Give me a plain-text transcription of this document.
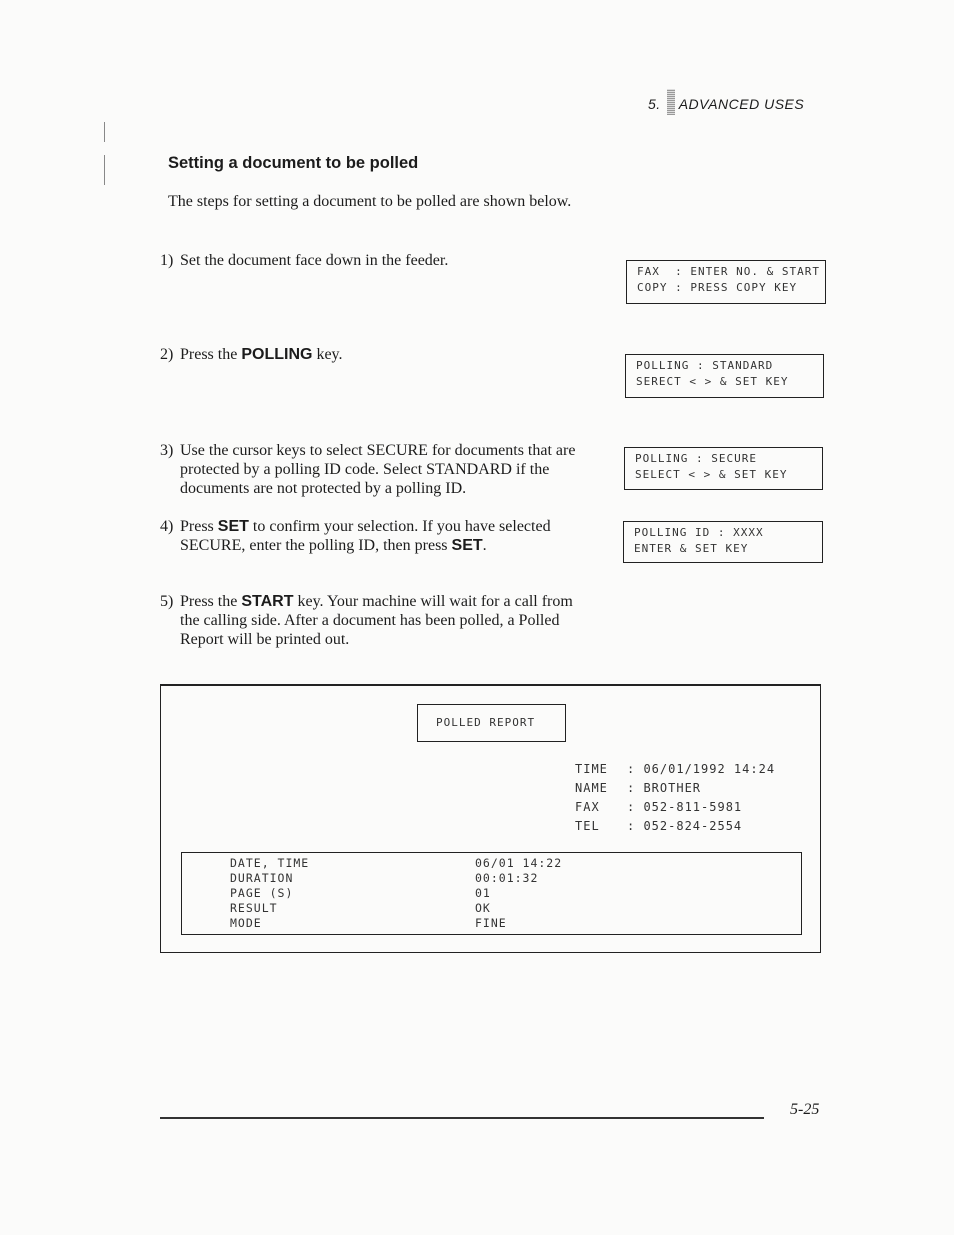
5. ADVANCED USES
Setting a document to be polled
The steps for setting a document to be polled are shown below.
1) Set the document face down in the feeder.
2) Press the POLLING key.
3) Use the cursor keys to select SECURE for documents that are protected by a polling ID code. Select STANDARD if the documents are not protected by a polling ID.
4) Press SET to confirm your selection. If you have selected SECURE, enter the polling ID, then press SET.
5) Press the START key. Your machine will wait for a call from the calling side. After a document has been polled, a Polled Report will be printed out.
FAX  : ENTER NO. & START
COPY : PRESS COPY KEY
POLLING : STANDARD
SERECT < > & SET KEY
POLLING : SECURE
SELECT < > & SET KEY
POLLING ID : XXXX
ENTER & SET KEY
POLLED REPORT
TIME : 06/01/1992 14:24
NAME : BROTHER
FAX : 052-811-5981
TEL : 052-824-2554
DATE, TIME	06/01 14:22
DURATION	00:01:32
PAGE (S)	01
RESULT	OK
MODE	FINE
5-25
